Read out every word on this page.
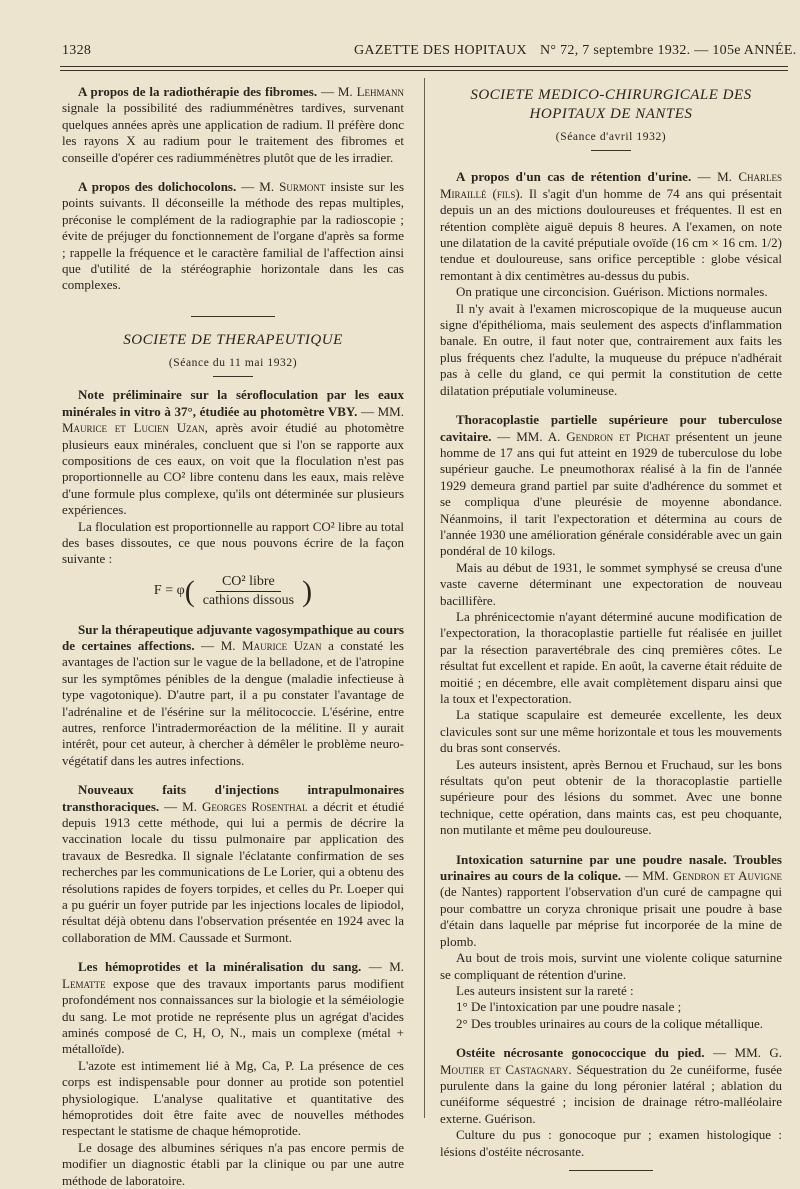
1328	GAZETTE DES HOPITAUX N° 72, 7 septembre 1932. — 105e ANNÉE.

A propos de la radiothérapie des fibromes. — M. Lehmann signale la possibilité des radiumménètres tardives, survenant quelques années après une application de radium. Il préfère donc les rayons X au radium pour le traitement des fibromes et conseille d'opérer ces radiumménètres plutôt que de les irradier.

A propos des dolichocolons. — M. Surmont insiste sur les points suivants. Il déconseille la méthode des repas multiples, préconise le complément de la radiographie par la radioscopie ; évite de préjuger du fonctionnement de l'organe d'après sa forme ; rappelle la fréquence et le caractère familial de l'affection ainsi que d'utilité de la stéréographie horizontale dans les cas complexes.

SOCIETE DE THERAPEUTIQUE
(Séance du 11 mai 1932)

Note préliminaire sur la sérofloculation par les eaux minérales in vitro à 37°, étudiée au photomètre VBY. — MM. Maurice et Lucien Uzan, après avoir étudié au photomètre plusieurs eaux minérales, concluent que si l'on se rapporte aux compositions de ces eaux, on voit que la floculation n'est pas proportionnelle au CO² libre contenu dans les eaux, mais relève d'une formule plus complexe, qu'ils ont déterminée sur plusieurs expériences.

La floculation est proportionnelle au rapport CO² libre au total des bases dissoutes, ce que nous pouvons écrire de la façon suivante :

F = φ ( $\frac{\text{CO² libre}}{\text{cathions dissous}}$ )

Sur la thérapeutique adjuvante vagosympathique au cours de certaines affections. — M. Maurice Uzan a constaté les avantages de l'action sur le vague de la belladone, et de l'atropine sur les symptômes pénibles de la dengue (maladie infectieuse à type vagotonique). D'autre part, il a pu constater l'avantage de l'adrénaline et de l'ésérine sur la mélitococcie. L'ésérine, entre autres, renforce l'intradermoréaction de la mélitine. Il y aurait intérêt, pour cet auteur, à chercher à démêler le problème neuro-végétatif dans les autres infections.

Nouveaux faits d'injections intrapulmonaires transthoraciques. — M. Georges Rosenthal a décrit et étudié depuis 1913 cette méthode, qui lui a permis de décrire la vaccination locale du tissu pulmonaire par application des travaux de Besredka. Il signale l'éclatante confirmation de ses recherches par les communications de Le Lorier, qui a obtenu des résolutions rapides de foyers torpides, et celles du Pr. Loeper qui a pu guérir un foyer putride par les injections locales de lipiodol, résultat déjà obtenu dans l'observation présentée en 1924 avec la collaboration de MM. Caussade et Surmont.

Les hémoprotides et la minéralisation du sang. — M. Lematte expose que des travaux importants parus modifient profondément nos connaissances sur la biologie et la séméiologie du sang. Le mot protide ne représente plus un agrégat d'acides aminés composé de C, H, O, N., mais un complexe (métal + métalloïde).

L'azote est intimement lié à Mg, Ca, P. La présence de ces corps est indispensable pour donner au protide son potentiel physiologique. L'analyse qualitative et quantitative des hémoprotides doit être faite avec de nouvelles méthodes respectant le statisme de chaque hémoprotide.

Le dosage des albumines sériques n'a pas encore permis de modifier un diagnostic établi par la clinique ou par une autre méthode de laboratoire.

SOCIETE MEDICO-CHIRURGICALE DES HOPITAUX DE NANTES
(Séance d'avril 1932)

A propos d'un cas de rétention d'urine. — M. Charles Miraillé (fils). Il s'agit d'un homme de 74 ans qui présentait depuis un an des mictions douloureuses et fréquentes. Il est en rétention complète aiguë depuis 8 heures. A l'examen, on note une dilatation de la cavité préputiale ovoïde (16 cm × 16 cm. 1/2) tendue et douloureuse, sans orifice perceptible : globe vésical remontant à dix centimètres au-dessus du pubis.

On pratique une circoncision. Guérison. Mictions normales.

Il n'y avait à l'examen microscopique de la muqueuse aucun signe d'épithélioma, mais seulement des aspects d'inflammation banale. En outre, il faut noter que, contrairement aux faits les plus fréquents chez l'adulte, la muqueuse du prépuce n'adhérait pas à celle du gland, ce qui permit la constitution de cette dilatation préputiale volumineuse.

Thoracoplastie partielle supérieure pour tuberculose cavitaire. — MM. A. Gendron et Pichat présentent un jeune homme de 17 ans qui fut atteint en 1929 de tuberculose du lobe supérieur gauche. Le pneumothorax réalisé à la fin de l'année 1929 demeura grand partiel par suite d'adhérence du sommet et se compliqua d'une pleurésie de moyenne abondance. Néanmoins, il tarit l'expectoration et détermina au cours de l'année 1930 une amélioration générale considérable avec un gain pondéral de 10 kilogs.

Mais au début de 1931, le sommet symphysé se creusa d'une vaste caverne déterminant une expectoration de nouveau bacillifère.

La phrénicectomie n'ayant déterminé aucune modification de l'expectoration, la thoracoplastie partielle fut réalisée en juillet par la résection paravertébrale des cinq premières côtes. Le résultat fut excellent et rapide. En août, la caverne était réduite de moitié ; en décembre, elle avait complètement disparu ainsi que la toux et l'expectoration.

La statique scapulaire est demeurée excellente, les deux clavicules sont sur une même horizontale et tous les mouvements du bras sont conservés.

Les auteurs insistent, après Bernou et Fruchaud, sur les bons résultats qu'on peut obtenir de la thoracoplastie partielle supérieure pour des lésions du sommet. Avec une bonne technique, cette opération, dans maints cas, est peu choquante, non mutilante et même peu douloureuse.

Intoxication saturnine par une poudre nasale. Troubles urinaires au cours de la colique. — MM. Gendron et Auvigne (de Nantes) rapportent l'observation d'un curé de campagne qui pour combattre un coryza chronique prisait une poudre à base d'étain dans laquelle par méprise fut incorporée de la mine de plomb.

Au bout de trois mois, survint une violente colique saturnine se compliquant de rétention d'urine.

Les auteurs insistent sur la rareté :

1° De l'intoxication par une poudre nasale ;

2° Des troubles urinaires au cours de la colique métallique.

Ostéite nécrosante gonococcique du pied. — MM. G. Moutier et Castagnary. Séquestration du 2e cunéiforme, fusée purulente dans la gaine du long péronier latéral ; ablation du cunéiforme séquestré ; incision de drainage rétro-malléolaire externe. Guérison.

Culture du pus : gonocoque pur ; examen histologique : lésions d'ostéite nécrosante.
